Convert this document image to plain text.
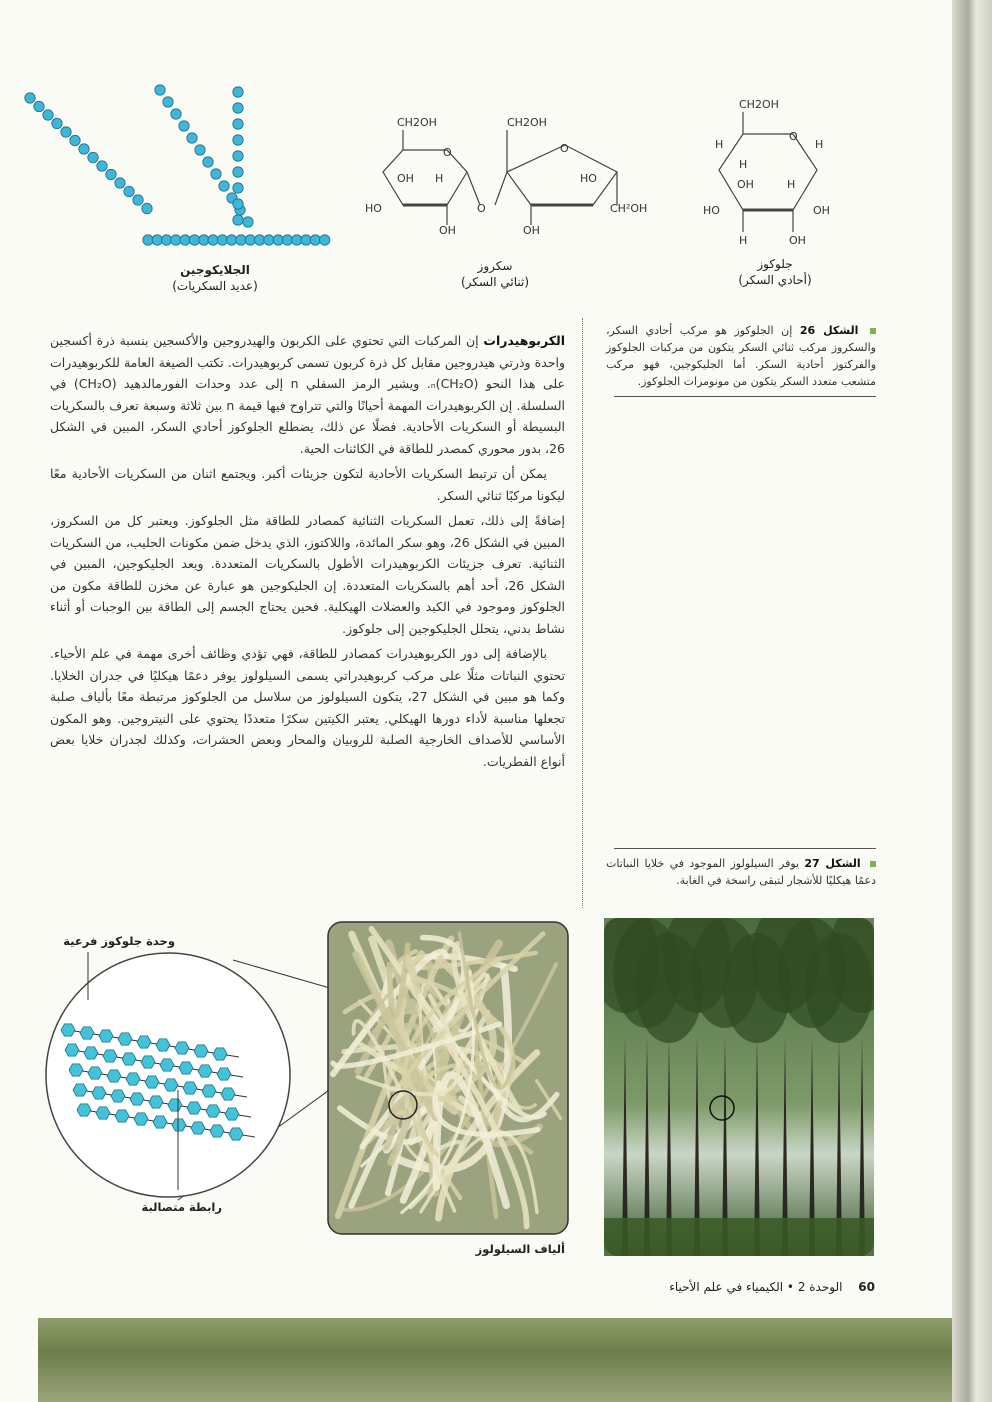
الجلايكوجين
(عديد السكريات)
CH2OH	CH2OH
O	O
OH H
HO	O
HO
CH²OH
OH	OH
سكروز
(ثنائي السكر)
CH2OH
O
H	H
H
OH	H
HO	OH
H	OH
جلوكوز
(أحادي السكر)
الشكل 26 إن الجلوكوز هو مركب أحادي السكر، والسكروز مركب ثنائي السكر يتكون من مركبات الجلوكوز والفركتوز أحادية السكر. أما الجليكوجين، فهو مركب متشعب متعدد السكر يتكون من مونومرات الجلوكوز.
الشكل 27 يوفر السيلولوز الموجود في خلايا النباتات دعمًا هيكليًا للأشجار لتبقى راسخة في الغابة.

الكربوهيدرات إن المركبات التي تحتوي على الكربون والهيدروجين والأكسجين بنسبة ذرة أكسجين واحدة وذرتي هيدروجين مقابل كل ذرة كربون تسمى كربوهيدرات. تكتب الصيغة العامة للكربوهيدرات على هذا النحو (CH₂O)ₙ. ويشير الرمز السفلي n إلى عدد وحدات الفورمالدهيد (CH₂O) في السلسلة. إن الكربوهيدرات المهمة أحيانًا والتي تتراوح فيها قيمة n بين ثلاثة وسبعة تعرف بالسكريات البسيطة أو السكريات الأحادية. فضلًا عن ذلك، يضطلع الجلوكوز أحادي السكر، المبين في الشكل 26، بدور محوري كمصدر للطاقة في الكائنات الحية.

يمكن أن ترتبط السكريات الأحادية لتكون جزيئات أكبر. ويجتمع اثنان من السكريات الأحادية معًا ليكونا مركبًا ثنائي السكر.

إضافةً إلى ذلك، تعمل السكريات الثنائية كمصادر للطاقة مثل الجلوكوز. ويعتبر كل من السكروز، المبين في الشكل 26، وهو سكر المائدة، واللاكتوز، الذي يدخل ضمن مكونات الحليب، من السكريات الثنائية. تعرف جزيئات الكربوهيدرات الأطول بالسكريات المتعددة. ويعد الجليكوجين، المبين في الشكل 26، أحد أهم بالسكريات المتعددة. إن الجليكوجين هو عبارة عن مخزن للطاقة مكون من الجلوكوز وموجود في الكبد والعضلات الهيكلية. فحين يحتاج الجسم إلى الطاقة بين الوجبات أو أثناء نشاط بدني، يتحلل الجليكوجين إلى جلوكوز.

بالإضافة إلى دور الكربوهيدرات كمصادر للطاقة، فهي تؤدي وظائف أخرى مهمة في علم الأحياء. تحتوي النباتات مثلًا على مركب كربوهيدراتي يسمى السيلولوز يوفر دعمًا هيكليًا في جدران الخلايا. وكما هو مبين في الشكل 27، يتكون السيلولوز من سلاسل من الجلوكوز مرتبطة معًا بألياف صلبة تجعلها مناسبة لأداء دورها الهيكلي. يعتبر الكيتين سكرًا متعددًا يحتوي على النيتروجين. وهو المكون الأساسي للأصداف الخارجية الصلبة للروبيان والمحار وبعض الحشرات، وكذلك لجدران خلايا بعض أنواع الفطريات.

وحدة جلوكوز فرعية
رابطة متصالبة
ألياف السيلولوز
60 الوحدة 2 • الكيمياء في علم الأحياء
